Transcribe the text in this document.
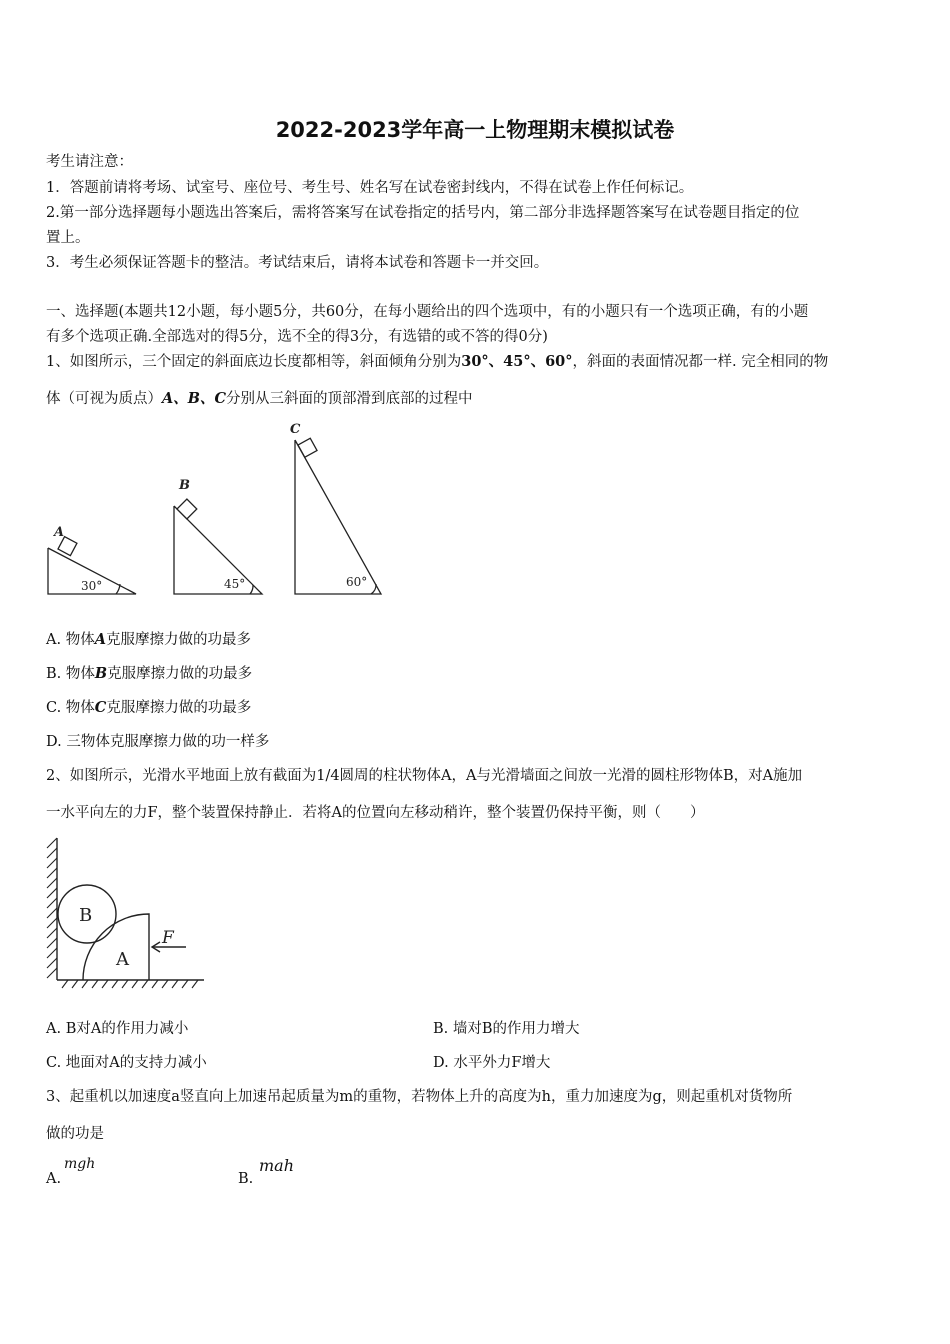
2022-2023学年高一上物理期末模拟试卷
考生请注意：
1．答题前请将考场、试室号、座位号、考生号、姓名写在试卷密封线内，不得在试卷上作任何标记。
2.第一部分选择题每小题选出答案后，需将答案写在试卷指定的括号内，第二部分非选择题答案写在试卷题目指定的位
置上。
3．考生必须保证答题卡的整洁。考试结束后，请将本试卷和答题卡一并交回。
一、选择题(本题共12小题，每小题5分，共60分，在每小题给出的四个选项中，有的小题只有一个选项正确，有的小题
有多个选项正确.全部选对的得5分，选不全的得3分，有选错的或不答的得0分)
1、如图所示，三个固定的斜面底边长度都相等，斜面倾角分别为30°、45°、60°，斜面的表面情况都一样. 完全相同的物
体（可视为质点）A、B、C分别从三斜面的顶部滑到底部的过程中
A
B
C
30°	45°	60°
A. 物体A克服摩擦力做的功最多
B. 物体B克服摩擦力做的功最多
C. 物体C克服摩擦力做的功最多
D. 三物体克服摩擦力做的功一样多
2、如图所示，光滑水平地面上放有截面为1/4圆周的柱状物体A，A与光滑墙面之间放一光滑的圆柱形物体B，对A施加
一水平向左的力F，整个装置保持静止．若将A的位置向左移动稍许，整个装置仍保持平衡，则（　　）
B
A
F
A. B对A的作用力减小	B. 墙对B的作用力增大
C. 地面对A的支持力减小	D. 水平外力F增大
3、起重机以加速度a竖直向上加速吊起质量为m的重物，若物体上升的高度为h，重力加速度为g，则起重机对货物所
做的功是
A.
mgh
B.
mah
